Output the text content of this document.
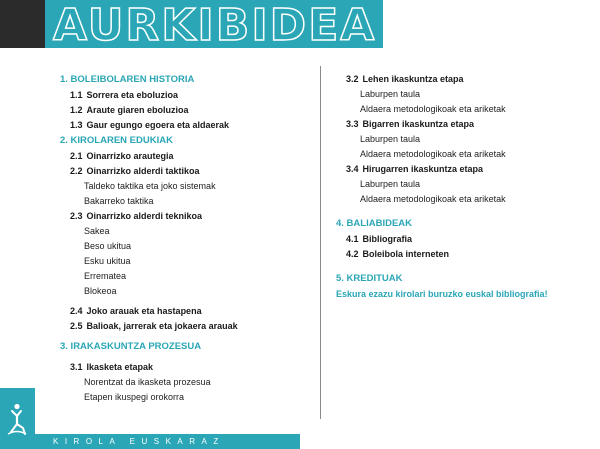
AURKIBIDEA
1. BOLEIBOLAREN HISTORIA
1.1 Sorrera eta eboluzioa
1.2 Araute giaren eboluzioa
1.3 Gaur egungo egoera eta aldaerak
2. KIROLAREN EDUKIAK
2.1 Oinarrizko arautegia
2.2 Oinarrizko alderdi taktikoa
Taldeko taktika eta joko sistemak
Bakarreko taktika
2.3 Oinarrizko alderdi teknikoa
Sakea
Beso ukitua
Esku ukitua
Errematea
Blokeoa
2.4 Joko arauak eta hastapena
2.5 Balioak, jarrerak eta jokaera arauak
3. IRAKASKUNTZA PROZESUA
3.1 Ikasketa etapak
Norentzat da ikasketa prozesua
Etapen ikuspegi orokorra
3.2 Lehen ikaskuntza etapa
Laburpen taula
Aldaera metodologikoak eta ariketak
3.3 Bigarren ikaskuntza etapa
Laburpen taula
Aldaera metodologikoak eta ariketak
3.4 Hirugarren ikaskuntza etapa
Laburpen taula
Aldaera metodologikoak eta ariketak
4. BALIABIDEAK
4.1 Bibliografia
4.2 Boleibola interneten
5. KREDITUAK
Eskura ezazu kirolari buruzko euskal bibliografia!
KIROLA EUSKARAZ
